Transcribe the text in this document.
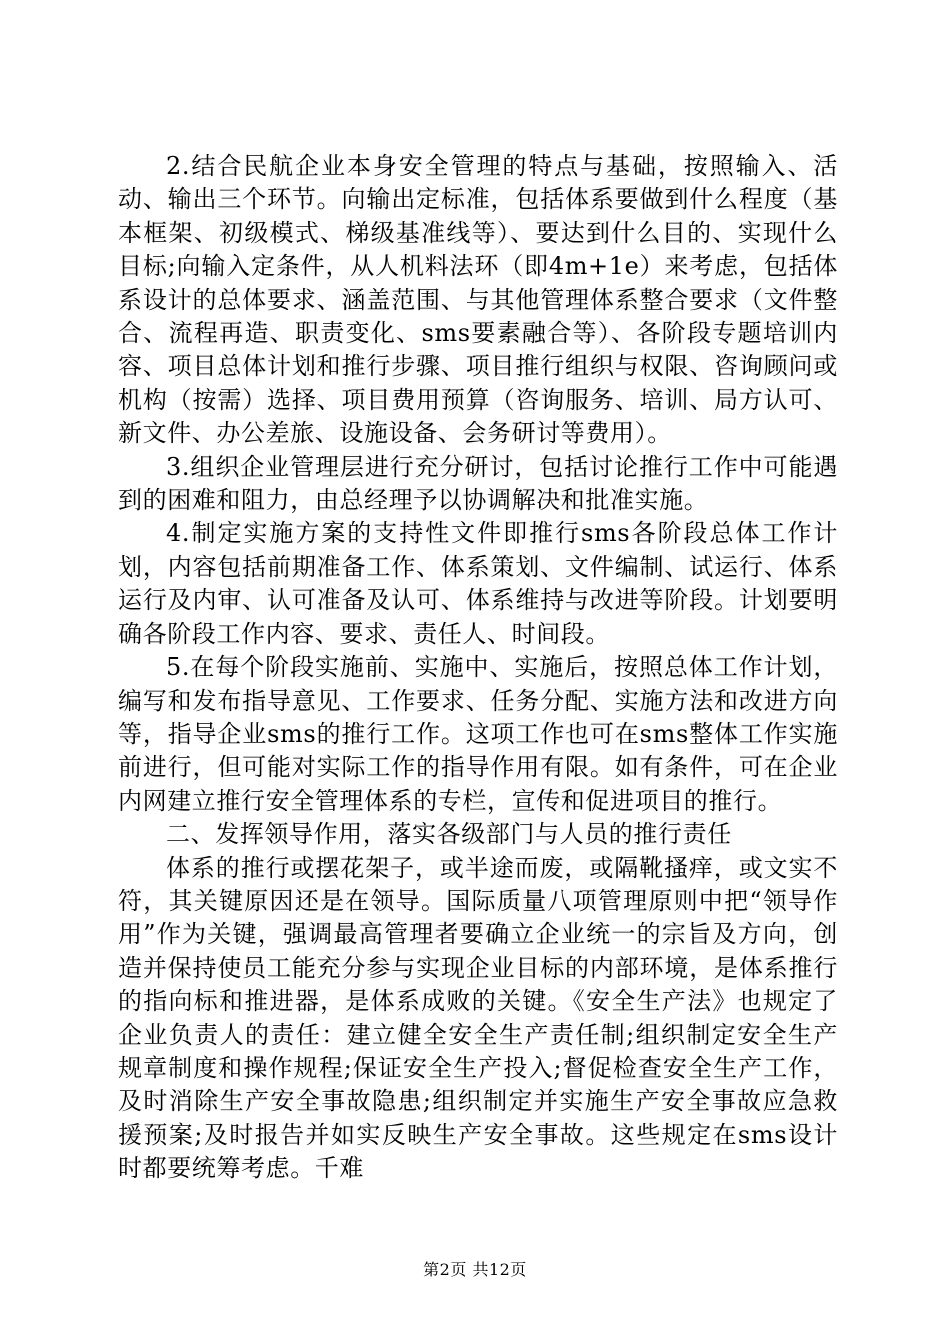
2.结合民航企业本身安全管理的特点与基础，按照输入、活动、输出三个环节。向输出定标准，包括体系要做到什么程度（基本框架、初级模式、梯级基准线等）、要达到什么目的、实现什么目标;向输入定条件，从人机料法环（即4m+1e）来考虑，包括体系设计的总体要求、涵盖范围、与其他管理体系整合要求（文件整合、流程再造、职责变化、sms要素融合等）、各阶段专题培训内容、项目总体计划和推行步骤、项目推行组织与权限、咨询顾问或机构（按需）选择、项目费用预算（咨询服务、培训、局方认可、新文件、办公差旅、设施设备、会务研讨等费用）。

3.组织企业管理层进行充分研讨，包括讨论推行工作中可能遇到的困难和阻力，由总经理予以协调解决和批准实施。

4.制定实施方案的支持性文件即推行sms各阶段总体工作计划，内容包括前期准备工作、体系策划、文件编制、试运行、体系运行及内审、认可准备及认可、体系维持与改进等阶段。计划要明确各阶段工作内容、要求、责任人、时间段。

5.在每个阶段实施前、实施中、实施后，按照总体工作计划，编写和发布指导意见、工作要求、任务分配、实施方法和改进方向等，指导企业sms的推行工作。这项工作也可在sms整体工作实施前进行，但可能对实际工作的指导作用有限。如有条件，可在企业内网建立推行安全管理体系的专栏，宣传和促进项目的推行。

二、发挥领导作用，落实各级部门与人员的推行责任

体系的推行或摆花架子，或半途而废，或隔靴搔痒，或文实不符，其关键原因还是在领导。国际质量八项管理原则中把“领导作用”作为关键，强调最高管理者要确立企业统一的宗旨及方向，创造并保持使员工能充分参与实现企业目标的内部环境，是体系推行的指向标和推进器，是体系成败的关键。《安全生产法》也规定了企业负责人的责任：建立健全安全生产责任制;组织制定安全生产规章制度和操作规程;保证安全生产投入;督促检查安全生产工作，及时消除生产安全事故隐患;组织制定并实施生产安全事故应急救援预案;及时报告并如实反映生产安全事故。这些规定在sms设计时都要统筹考虑。千难

第2页 共12页
